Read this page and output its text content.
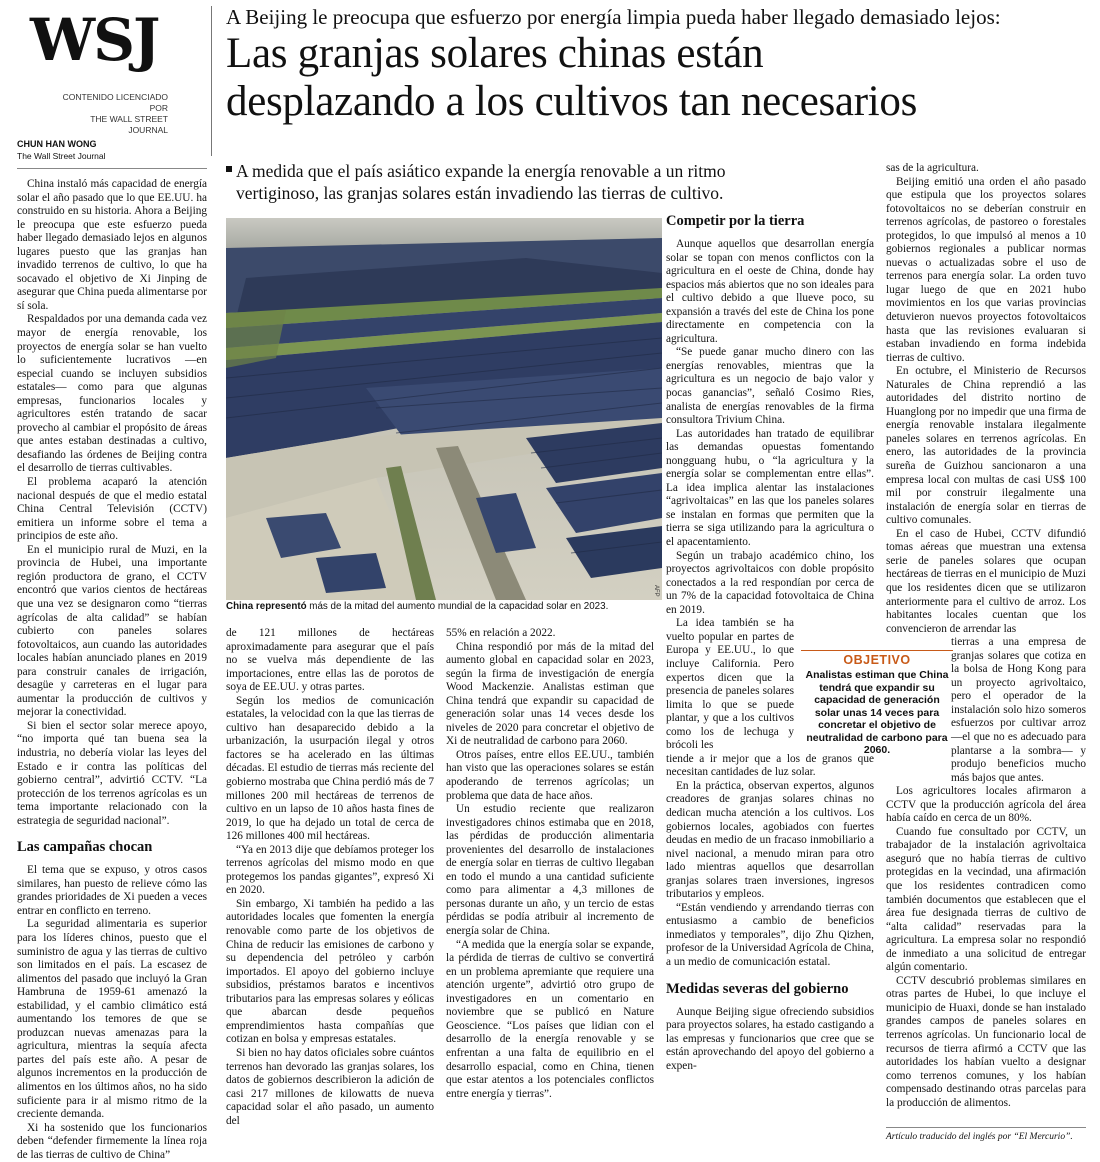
WSJ
CONTENIDO LICENCIADO POR
THE WALL STREET JOURNAL
A Beijing le preocupa que esfuerzo por energía limpia pueda haber llegado demasiado lejos:
Las granjas solares chinas están
desplazando a los cultivos tan necesarios
CHUN HAN WONG
The Wall Street Journal
A medida que el país asiático expande la energía renovable a un ritmo
vertiginoso, las granjas solares están invadiendo las tierras de cultivo.

China instaló más capacidad de energía solar el año pasado que lo que EE.UU. ha construido en su historia. Ahora a Beijing le preocupa que este esfuerzo pueda haber llegado demasiado lejos en algunos lugares puesto que las granjas han invadido terrenos de cultivo, lo que ha socavado el objetivo de Xi Jinping de asegurar que China pueda alimentarse por sí sola.

Respaldados por una demanda cada vez mayor de energía renovable, los proyectos de energía solar se han vuelto lo suficientemente lucrativos —en especial cuando se incluyen subsidios estatales— como para que algunas empresas, funcionarios locales y agricultores estén tratando de sacar provecho al cambiar el propósito de áreas que antes estaban destinadas a cultivo, desafiando las órdenes de Beijing contra el desarrollo de tierras cultivables.

El problema acaparó la atención nacional después de que el medio estatal China Central Televisión (CCTV) emitiera un informe sobre el tema a principios de este año.

En el municipio rural de Muzi, en la provincia de Hubei, una importante región productora de grano, el CCTV encontró que varios cientos de hectáreas que una vez se designaron como “tierras agrícolas de alta calidad” se habían cubierto con paneles solares fotovoltaicos, aun cuando las autoridades locales habían anunciado planes en 2019 para construir canales de irrigación, desagüe y carreteras en el lugar para aumentar la producción de cultivos y mejorar la conectividad.

Si bien el sector solar merece apoyo, “no importa qué tan buena sea la industria, no debería violar las leyes del Estado e ir contra las políticas del gobierno central”, advirtió CCTV. “La protección de los terrenos agrícolas es un tema importante relacionado con la estrategia de seguridad nacional”.

Las campañas chocan

El tema que se expuso, y otros casos similares, han puesto de relieve cómo las grandes prioridades de Xi pueden a veces entrar en conflicto en terreno.

La seguridad alimentaria es superior para los líderes chinos, puesto que el suministro de agua y las tierras de cultivo son limitados en el país. La escasez de alimentos del pasado que incluyó la Gran Hambruna de 1959-61 amenazó la estabilidad, y el cambio climático está aumentando los temores de que se produzcan nuevas amenazas para la agricultura, mientras la sequía afecta partes del país este año. A pesar de algunos incrementos en la producción de alimentos en los últimos años, no ha sido suficiente para ir al mismo ritmo de la creciente demanda.

Xi ha sostenido que los funcionarios deben “defender firmemente la línea roja de las tierras de cultivo de China”

AFP
China representó más de la mitad del aumento mundial de la capacidad solar en 2023.

de 121 millones de hectáreas aproximadamente para asegurar que el país no se vuelva más dependiente de las importaciones, entre ellas las de porotos de soya de EE.UU. y otras partes.

Según los medios de comunicación estatales, la velocidad con la que las tierras de cultivo han desaparecido debido a la urbanización, la usurpación ilegal y otros factores se ha acelerado en las últimas décadas. El estudio de tierras más reciente del gobierno mostraba que China perdió más de 7 millones 200 mil hectáreas de terrenos de cultivo en un lapso de 10 años hasta fines de 2019, lo que ha dejado un total de cerca de 126 millones 400 mil hectáreas.

“Ya en 2013 dije que debíamos proteger los terrenos agrícolas del mismo modo en que protegemos los pandas gigantes”, expresó Xi en 2020.

Sin embargo, Xi también ha pedido a las autoridades locales que fomenten la energía renovable como parte de los objetivos de China de reducir las emisiones de carbono y su dependencia del petróleo y carbón importados. El apoyo del gobierno incluye subsidios, préstamos baratos e incentivos tributarios para las empresas solares y eólicas que abarcan desde pequeños emprendimientos hasta compañías que cotizan en bolsa y empresas estatales.

Si bien no hay datos oficiales sobre cuántos terrenos han devorado las granjas solares, los datos de gobiernos describieron la adición de casi 217 millones de kilowatts de nueva capacidad solar el año pasado, un aumento del

55% en relación a 2022.

China respondió por más de la mitad del aumento global en capacidad solar en 2023, según la firma de investigación de energía Wood Mackenzie. Analistas estiman que China tendrá que expandir su capacidad de generación solar unas 14 veces desde los niveles de 2020 para concretar el objetivo de Xi de neutralidad de carbono para 2060.

Otros países, entre ellos EE.UU., también han visto que las operaciones solares se están apoderando de terrenos agrícolas; un problema que data de hace años.

Un estudio reciente que realizaron investigadores chinos estimaba que en 2018, las pérdidas de producción alimentaria provenientes del desarrollo de instalaciones de energía solar en tierras de cultivo llegaban en todo el mundo a una cantidad suficiente como para alimentar a 4,3 millones de personas durante un año, y un tercio de estas pérdidas se podía atribuir al incremento de energía solar de China.

“A medida que la energía solar se expande, la pérdida de tierras de cultivo se convertirá en un problema apremiante que requiere una atención urgente”, advirtió otro grupo de investigadores en un comentario en noviembre que se publicó en Nature Geoscience. “Los países que lidian con el desarrollo de la energía renovable y se enfrentan a una falta de equilibrio en el desarrollo espacial, como en China, tienen que estar atentos a los potenciales conflictos entre energía y tierras”.

Competir por la tierra

Aunque aquellos que desarrollan energía solar se topan con menos conflictos con la agricultura en el oeste de China, donde hay espacios más abiertos que no son ideales para el cultivo debido a que llueve poco, su expansión a través del este de China los pone directamente en competencia con la agricultura.

“Se puede ganar mucho dinero con las energías renovables, mientras que la agricultura es un negocio de bajo valor y pocas ganancias”, señaló Cosimo Ries, analista de energías renovables de la firma consultora Trivium China.

Las autoridades han tratado de equilibrar las demandas opuestas fomentando nongguang hubu, o “la agricultura y la energía solar se complementan entre ellas”. La idea implica alentar las instalaciones “agrivoltaicas” en las que los paneles solares se instalan en formas que permiten que la tierra se siga utilizando para la agricultura o el apacentamiento.

Según un trabajo académico chino, los proyectos agrivoltaicos con doble propósito conectados a la red respondían por cerca de un 7% de la capacidad fotovoltaica de China en 2019.

La idea también se ha vuelto popular en partes de Europa y EE.UU., lo que incluye California. Pero expertos dicen que la presencia de paneles solares limita lo que se puede plantar, y que a los cultivos como los de lechuga y brócoli les

tiende a ir mejor que a los de granos que necesitan cantidades de luz solar.

En la práctica, observan expertos, algunos creadores de granjas solares chinas no dedican mucha atención a los cultivos. Los gobiernos locales, agobiados con fuertes deudas en medio de un fracaso inmobiliario a nivel nacional, a menudo miran para otro lado mientras aquellos que desarrollan granjas solares traen inversiones, ingresos tributarios y empleos.

“Están vendiendo y arrendando tierras con entusiasmo a cambio de beneficios inmediatos y temporales”, dijo Zhu Qizhen, profesor de la Universidad Agrícola de China, a un medio de comunicación estatal.

Medidas severas del gobierno

Aunque Beijing sigue ofreciendo subsidios para proyectos solares, ha estado castigando a las empresas y funcionarios que cree que se están aprovechando del apoyo del gobierno a expen-

OBJETIVO
Analistas estiman que China tendrá que expandir su capacidad de generación solar unas 14 veces para concretar el objetivo de neutralidad de carbono para 2060.

sas de la agricultura.

Beijing emitió una orden el año pasado que estipula que los proyectos solares fotovoltaicos no se deberían construir en terrenos agrícolas, de pastoreo o forestales protegidos, lo que impulsó al menos a 10 gobiernos regionales a publicar normas nuevas o actualizadas sobre el uso de terrenos para energía solar. La orden tuvo lugar luego de que en 2021 hubo movimientos en los que varias provincias detuvieron nuevos proyectos fotovoltaicos hasta que las revisiones evaluaran si estaban invadiendo en forma indebida tierras de cultivo.

En octubre, el Ministerio de Recursos Naturales de China reprendió a las autoridades del distrito nortino de Huanglong por no impedir que una firma de energía renovable instalara ilegalmente paneles solares en terrenos agrícolas. En enero, las autoridades de la provincia sureña de Guizhou sancionaron a una empresa local con multas de casi US$ 100 mil por construir ilegalmente una instalación de energía solar en tierras de cultivo comunales.

En el caso de Hubei, CCTV difundió tomas aéreas que muestran una extensa serie de paneles solares que ocupan hectáreas de tierras en el municipio de Muzi que los residentes dicen que se utilizaron anteriormente para el cultivo de arroz. Los habitantes locales cuentan que los convencieron de arrendar las

tierras a una empresa de granjas solares que cotiza en la bolsa de Hong Kong para un proyecto agrivoltaico, pero el operador de la instalación solo hizo someros esfuerzos por cultivar arroz —el que no es adecuado para plantarse a la sombra— y produjo beneficios mucho más bajos que antes.

Los agricultores locales afirmaron a CCTV que la producción agrícola del área había caído en cerca de un 80%.

Cuando fue consultado por CCTV, un trabajador de la instalación agrivoltaica aseguró que no había tierras de cultivo protegidas en la vecindad, una afirmación que los residentes contradicen como también documentos que establecen que el área fue designada tierras de cultivo de “alta calidad” reservadas para la agricultura. La empresa solar no respondió de inmediato a una solicitud de entregar algún comentario.

CCTV descubrió problemas similares en otras partes de Hubei, lo que incluye el municipio de Huaxi, donde se han instalado grandes campos de paneles solares en terrenos agrícolas. Un funcionario local de recursos de tierra afirmó a CCTV que las autoridades los habían vuelto a designar como terrenos comunes, y los habían compensado destinando otras parcelas para la producción de alimentos.

Artículo traducido del inglés por “El Mercurio”.
